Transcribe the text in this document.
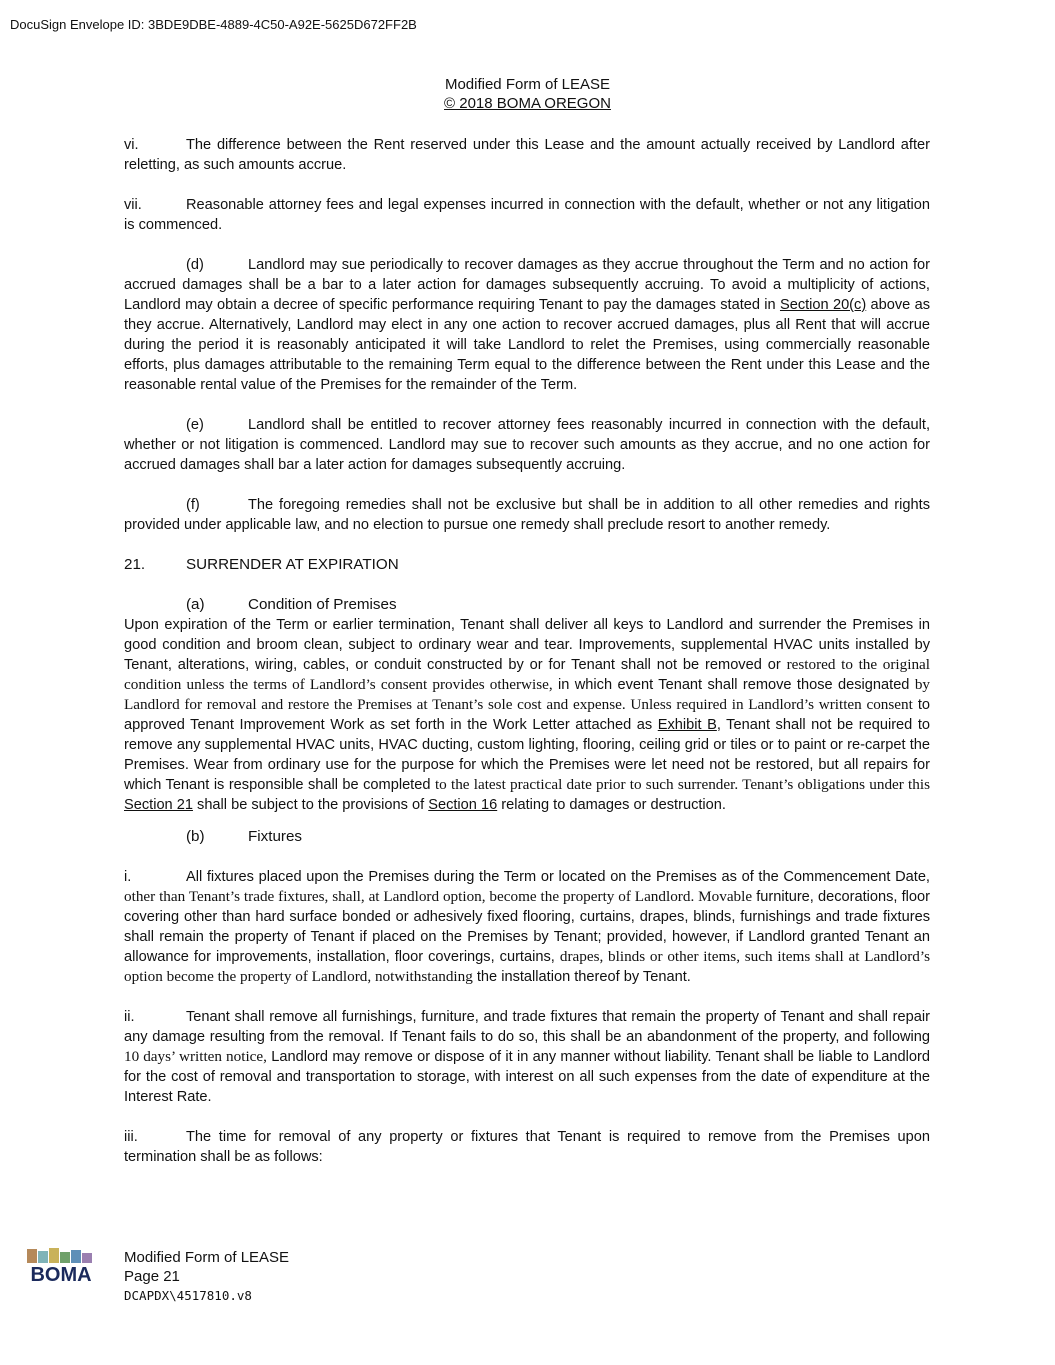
DocuSign Envelope ID: 3BDE9DBE-4889-4C50-A92E-5625D672FF2B
Modified Form of LEASE
© 2018 BOMA OREGON

vi.	The difference between the Rent reserved under this Lease and the amount actually received by Landlord after reletting, as such amounts accrue.

vii.	Reasonable attorney fees and legal expenses incurred in connection with the default, whether or not any litigation is commenced.

(d)	Landlord may sue periodically to recover damages as they accrue throughout the Term and no action for accrued damages shall be a bar to a later action for damages subsequently accruing. To avoid a multiplicity of actions, Landlord may obtain a decree of specific performance requiring Tenant to pay the damages stated in Section 20(c) above as they accrue. Alternatively, Landlord may elect in any one action to recover accrued damages, plus all Rent that will accrue during the period it is reasonably anticipated it will take Landlord to relet the Premises, using commercially reasonable efforts, plus damages attributable to the remaining Term equal to the difference between the Rent under this Lease and the reasonable rental value of the Premises for the remainder of the Term.

(e)	Landlord shall be entitled to recover attorney fees reasonably incurred in connection with the default, whether or not litigation is commenced. Landlord may sue to recover such amounts as they accrue, and no one action for accrued damages shall bar a later action for damages subsequently accruing.

(f)	The foregoing remedies shall not be exclusive but shall be in addition to all other remedies and rights provided under applicable law, and no election to pursue one remedy shall preclude resort to another remedy.

21.	SURRENDER AT EXPIRATION

(a)	Condition of Premises

Upon expiration of the Term or earlier termination, Tenant shall deliver all keys to Landlord and surrender the Premises in good condition and broom clean, subject to ordinary wear and tear. Improvements, supplemental HVAC units installed by Tenant, alterations, wiring, cables, or conduit constructed by or for Tenant shall not be removed or restored to the original condition unless the terms of Landlord’s consent provides otherwise, in which event Tenant shall remove those designated by Landlord for removal and restore the Premises at Tenant’s sole cost and expense. Unless required in Landlord’s written consent to approved Tenant Improvement Work as set forth in the Work Letter attached as Exhibit B, Tenant shall not be required to remove any supplemental HVAC units, HVAC ducting, custom lighting, flooring, ceiling grid or tiles or to paint or re-carpet the Premises. Wear from ordinary use for the purpose for which the Premises were let need not be restored, but all repairs for which Tenant is responsible shall be completed to the latest practical date prior to such surrender. Tenant’s obligations under this Section 21 shall be subject to the provisions of Section 16 relating to damages or destruction.

(b)	Fixtures

i.	All fixtures placed upon the Premises during the Term or located on the Premises as of the Commencement Date, other than Tenant’s trade fixtures, shall, at Landlord option, become the property of Landlord. Movable furniture, decorations, floor covering other than hard surface bonded or adhesively fixed flooring, curtains, drapes, blinds, furnishings and trade fixtures shall remain the property of Tenant if placed on the Premises by Tenant; provided, however, if Landlord granted Tenant an allowance for improvements, installation, floor coverings, curtains, drapes, blinds or other items, such items shall at Landlord’s option become the property of Landlord, notwithstanding the installation thereof by Tenant.

ii.	Tenant shall remove all furnishings, furniture, and trade fixtures that remain the property of Tenant and shall repair any damage resulting from the removal. If Tenant fails to do so, this shall be an abandonment of the property, and following 10 days’ written notice, Landlord may remove or dispose of it in any manner without liability. Tenant shall be liable to Landlord for the cost of removal and transportation to storage, with interest on all such expenses from the date of expenditure at the Interest Rate.

iii.	The time for removal of any property or fixtures that Tenant is required to remove from the Premises upon termination shall be as follows:

BOMA
Modified Form of LEASE
Page 21
DCAPDX\4517810.v8
